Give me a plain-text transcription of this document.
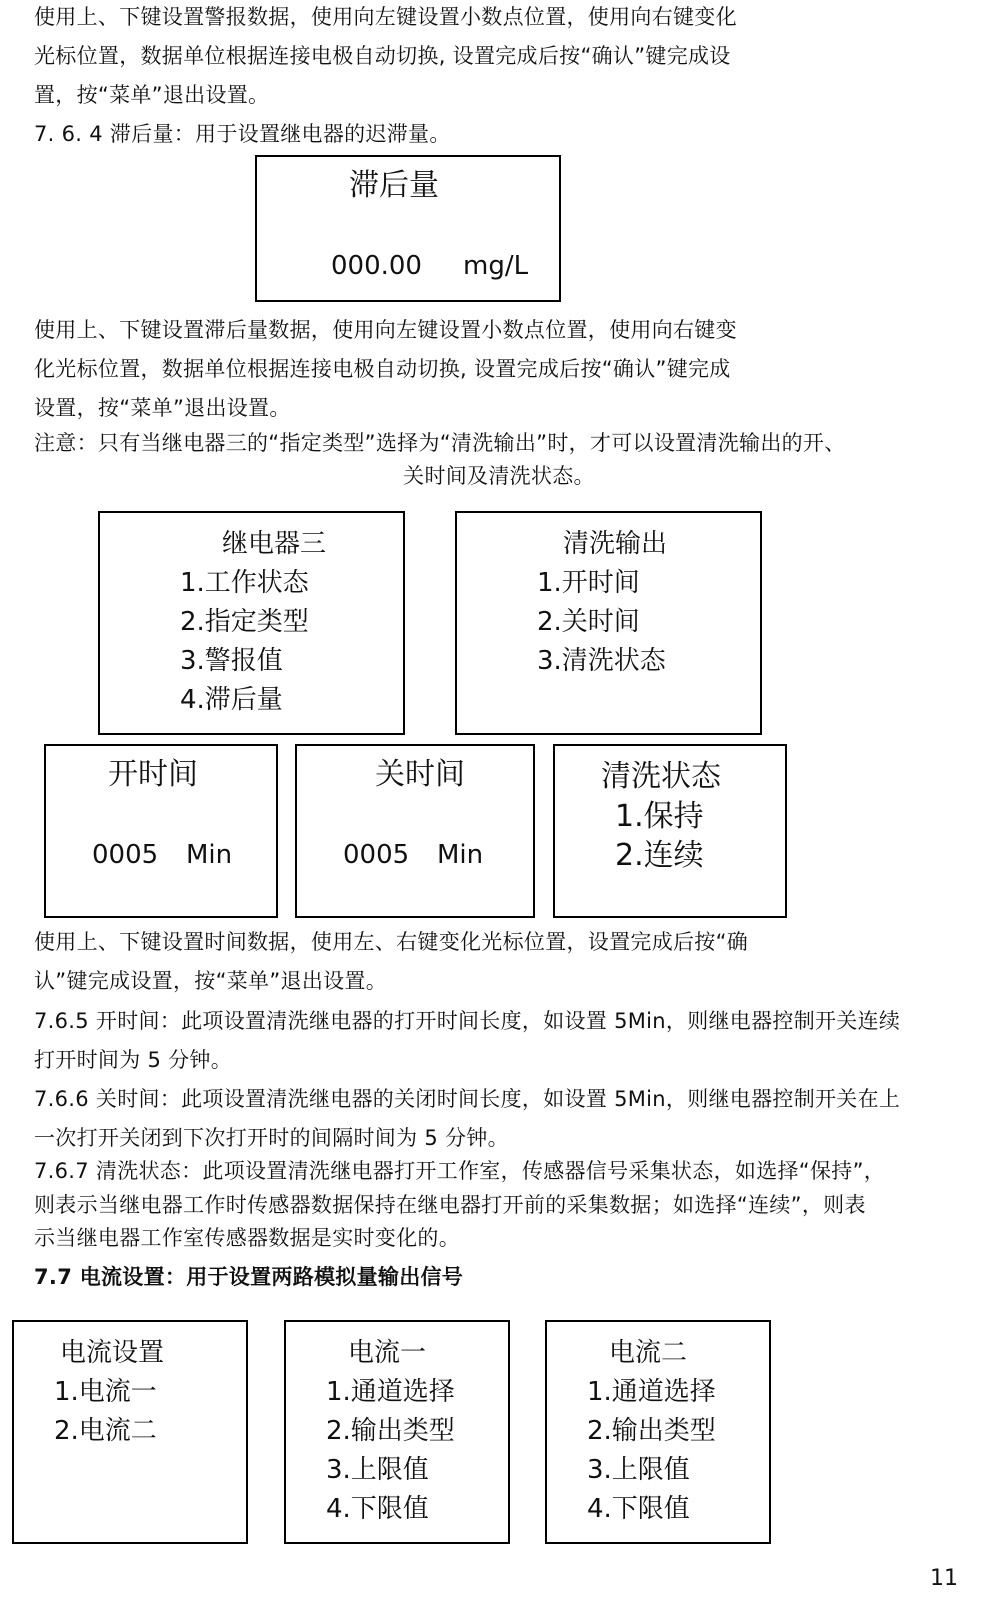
使用上、下键设置警报数据，使用向左键设置小数点位置，使用向右键变化
光标位置，数据单位根据连接电极自动切换, 设置完成后按“确认”键完成设
置，按“菜单”退出设置。
7. 6. 4 滞后量：用于设置继电器的迟滞量。
滞后量
000.00 mg/L
使用上、下键设置滞后量数据，使用向左键设置小数点位置，使用向右键变
化光标位置，数据单位根据连接电极自动切换, 设置完成后按“确认”键完成
设置，按“菜单”退出设置。
注意：只有当继电器三的“指定类型”选择为“清洗输出”时，才可以设置清洗输出的开、
关时间及清洗状态。
继电器三
1.工作状态
2.指定类型
3.警报值
4.滞后量
清洗输出
1.开时间
2.关时间
3.清洗状态
开时间
0005 Min
关时间
0005 Min
清洗状态
1.保持
2.连续
使用上、下键设置时间数据，使用左、右键变化光标位置，设置完成后按“确
认”键完成设置，按“菜单”退出设置。
7.6.5 开时间：此项设置清洗继电器的打开时间长度，如设置 5Min，则继电器控制开关连续
打开时间为 5 分钟。
7.6.6 关时间：此项设置清洗继电器的关闭时间长度，如设置 5Min，则继电器控制开关在上
一次打开关闭到下次打开时的间隔时间为 5 分钟。
7.6.7 清洗状态：此项设置清洗继电器打开工作室，传感器信号采集状态，如选择“保持”，
则表示当继电器工作时传感器数据保持在继电器打开前的采集数据；如选择“连续”，则表
示当继电器工作室传感器数据是实时变化的。
7.7 电流设置：用于设置两路模拟量输出信号
电流设置
1.电流一
2.电流二
电流一
1.通道选择
2.输出类型
3.上限值
4.下限值
电流二
1.通道选择
2.输出类型
3.上限值
4.下限值
11
